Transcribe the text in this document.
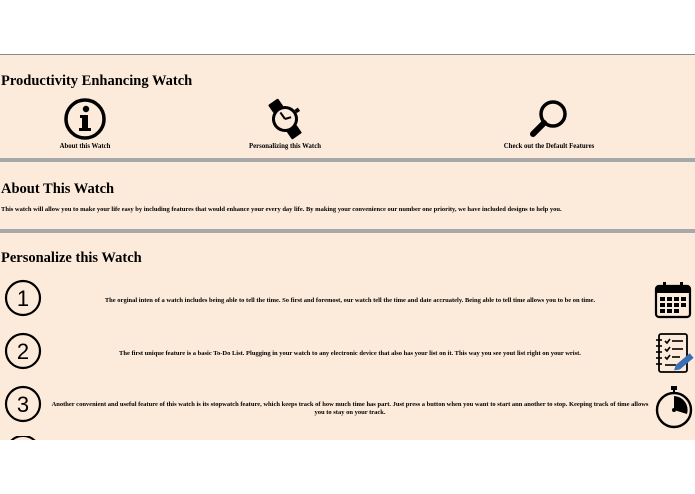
Productivity Enhancing Watch
About this Watch	Personalizing this Watch	Check out the Default Features
About This Watch

This watch will allow you to make your life easy by including features that would enhance your every day life. By making your convenience our number one priority, we have included designs to help you.

Personalize this Watch
1	The orginal inten of a watch includes being able to tell the time. So first and foremost, our watch tell the time and date accruately. Being able to tell time allows you to be on time.

2	The first unique feature is a basic To-Do List. Plugging in your watch to any electronic device that also has your list on it. This way you see yout list right on your wrist.

3	Another convenient and useful feature of this watch is its stopwatch feature, which keeps track of how much time has part. Just press a button when you want to start ann another to stop. Keeping track of time allows you to stay on your track.
